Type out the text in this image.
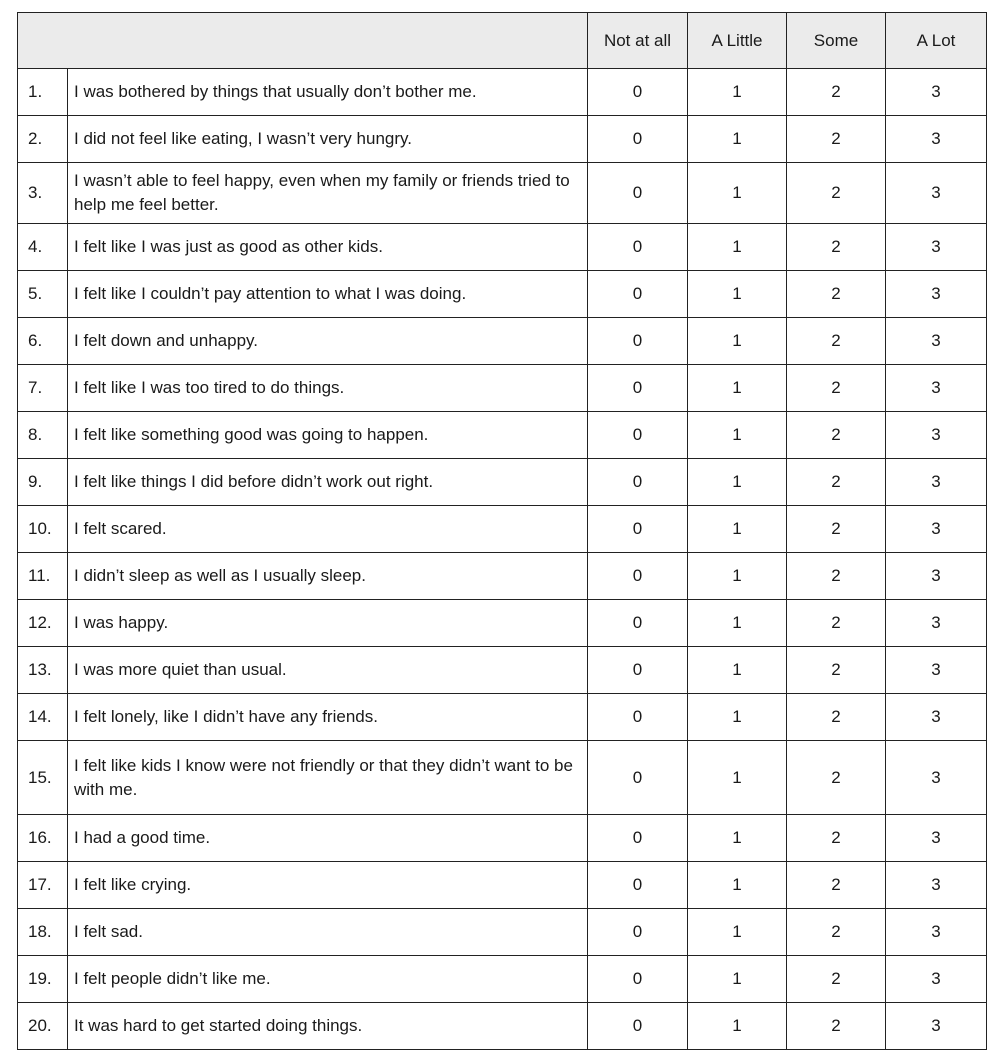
		Not at all	A Little	Some	A Lot
1.	I was bothered by things that usually don’t bother me.	0	1	2	3
2.	I did not feel like eating, I wasn’t very hungry.	0	1	2	3
3.	I wasn’t able to feel happy, even when my family or friends tried to help me feel better.	0	1	2	3
4.	I felt like I was just as good as other kids.	0	1	2	3
5.	I felt like I couldn’t pay attention to what I was doing.	0	1	2	3
6.	I felt down and unhappy.	0	1	2	3
7.	I felt like I was too tired to do things.	0	1	2	3
8.	I felt like something good was going to happen.	0	1	2	3
9.	I felt like things I did before didn’t work out right.	0	1	2	3
10.	I felt scared.	0	1	2	3
11.	I didn’t sleep as well as I usually sleep.	0	1	2	3
12.	I was happy.	0	1	2	3
13.	I was more quiet than usual.	0	1	2	3
14.	I felt lonely, like I didn’t have any friends.	0	1	2	3
15.	I felt like kids I know were not friendly or that they didn’t want to be with me.	0	1	2	3
16.	I had a good time.	0	1	2	3
17.	I felt like crying.	0	1	2	3
18.	I felt sad.	0	1	2	3
19.	I felt people didn’t like me.	0	1	2	3
20.	It was hard to get started doing things.	0	1	2	3
